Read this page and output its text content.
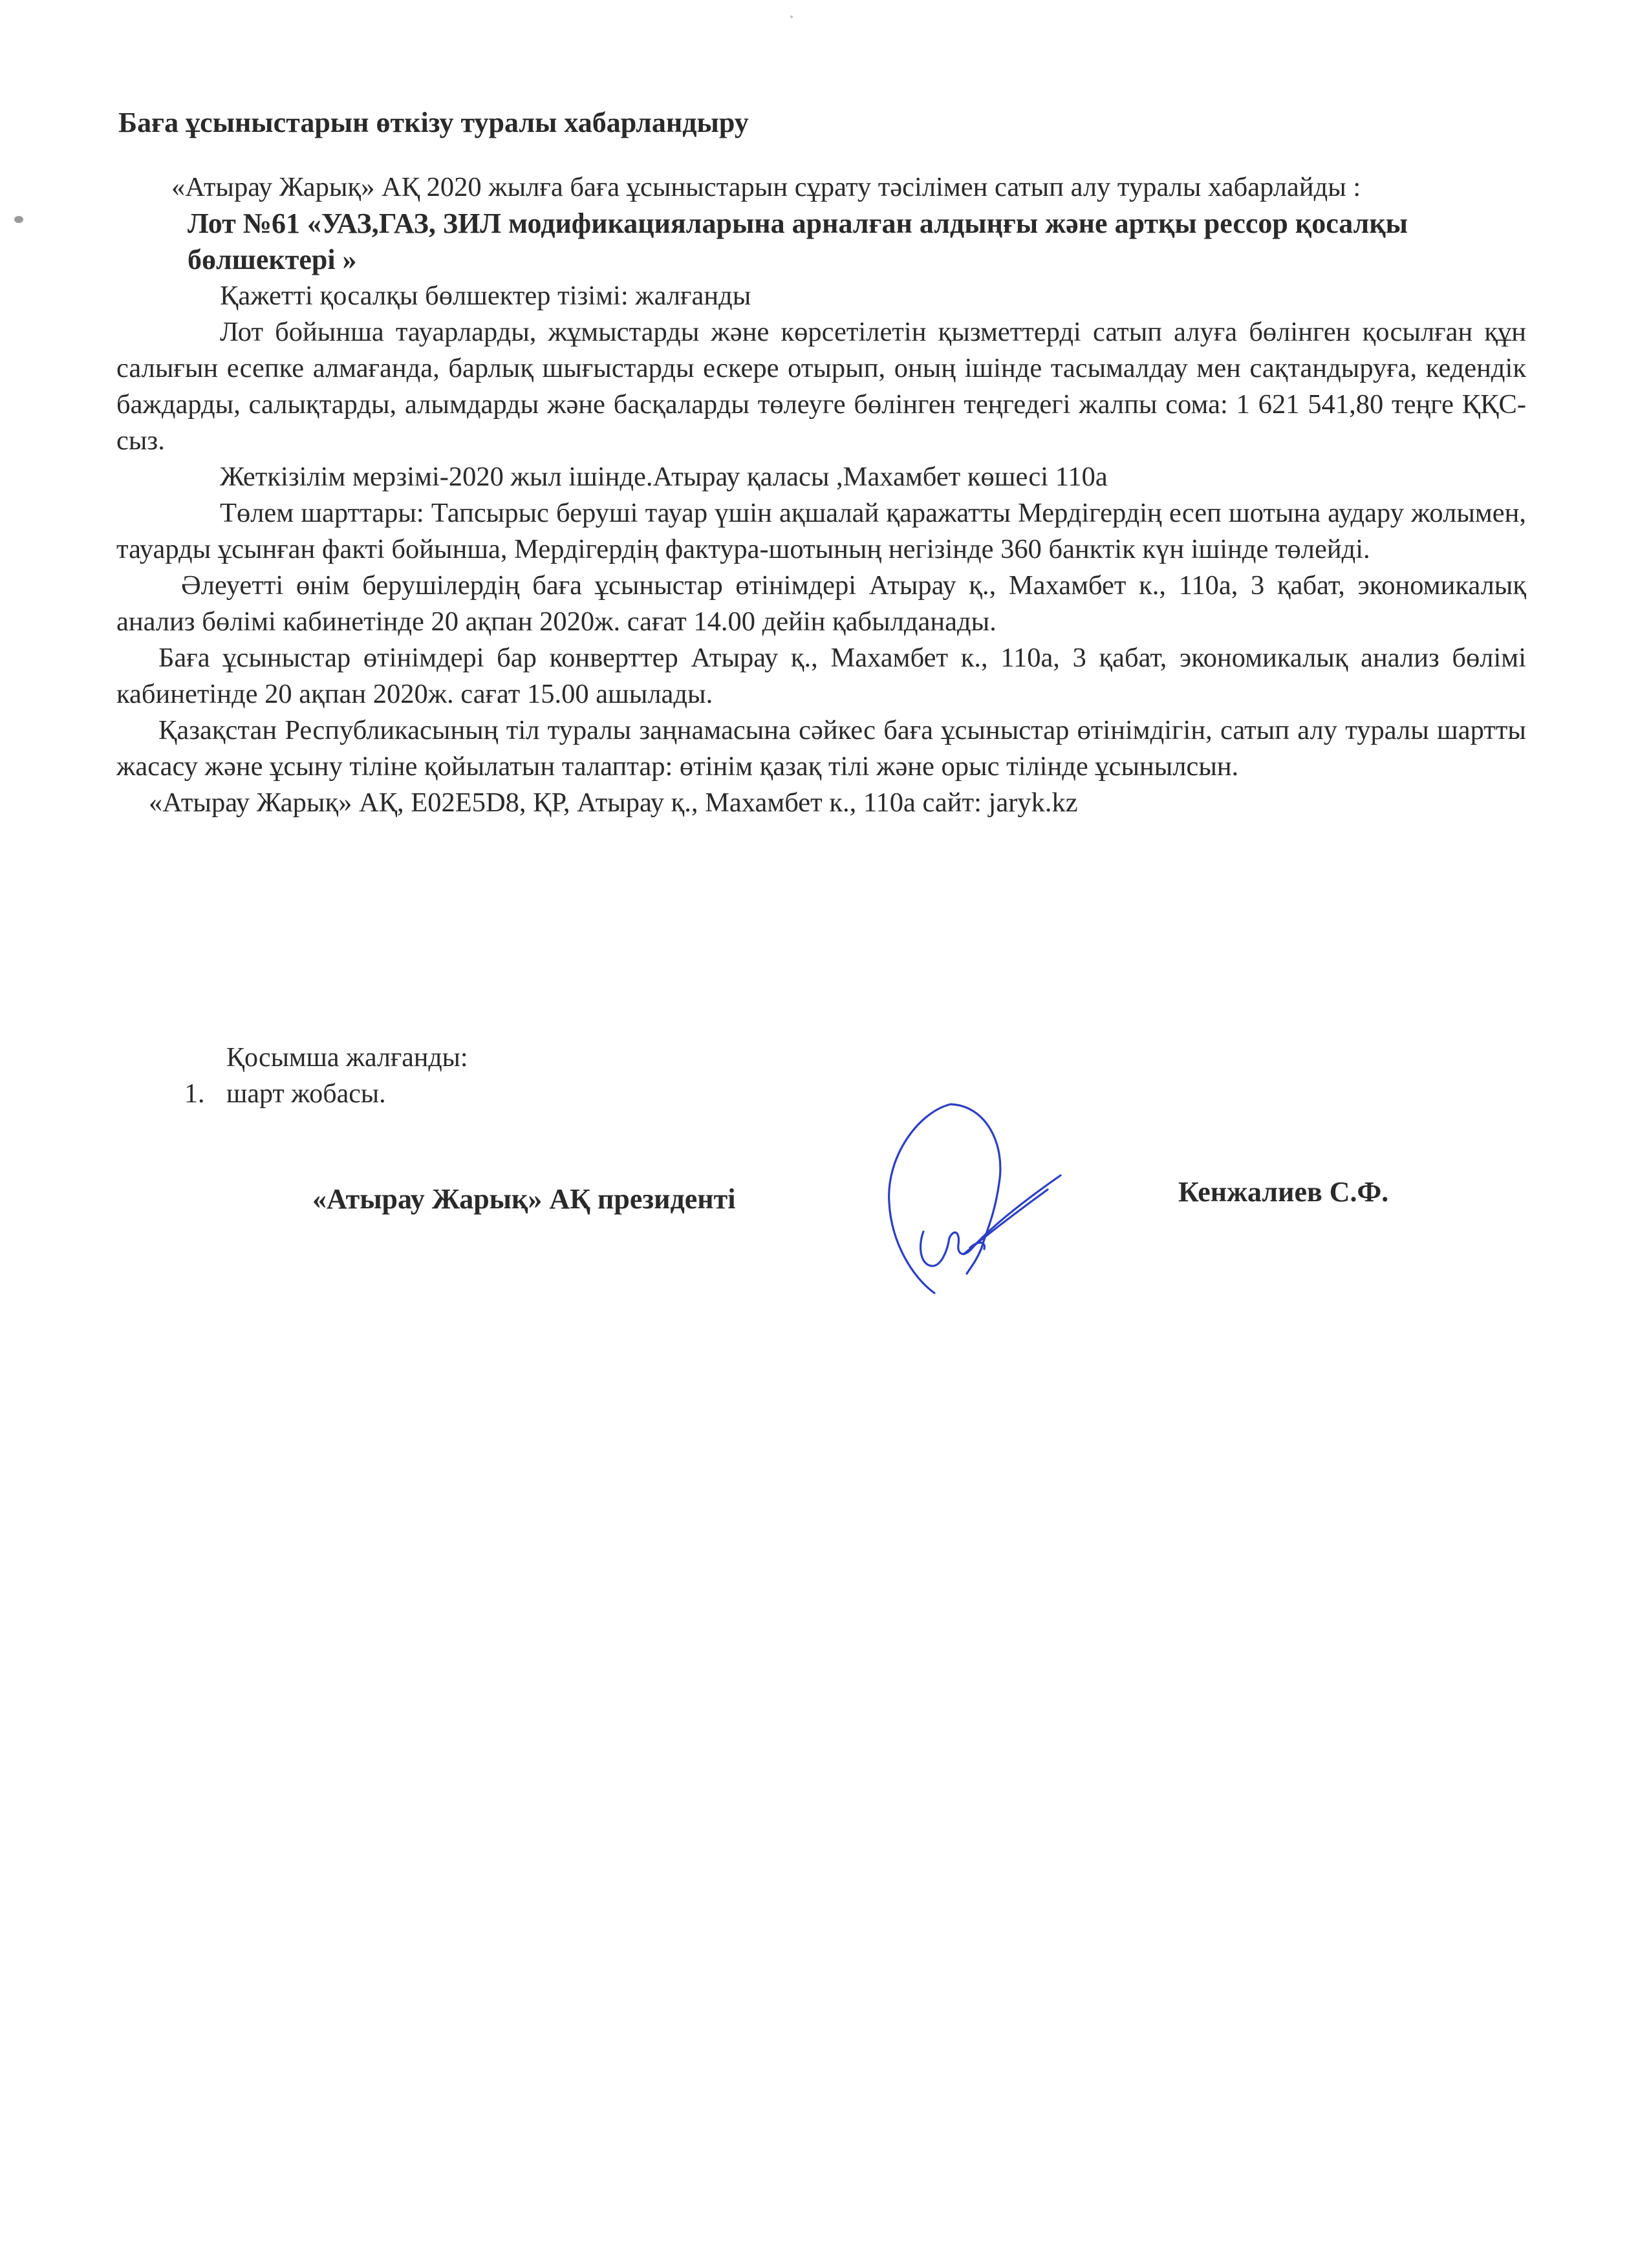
Баға ұсыныстарын өткізу туралы хабарландыру

«Атырау Жарық» АҚ 2020 жылға баға ұсыныстарын сұрату тәсілімен сатып алу туралы хабарлайды :

Лот №61 «УАЗ,ГАЗ, ЗИЛ модификацияларына арналған алдыңғы және артқы рессор қосалқы бөлшектері »

Қажетті қосалқы бөлшектер тізімі: жалғанды

Лот бойынша тауарларды, жұмыстарды және көрсетілетін қызметтерді сатып алуға бөлінген қосылған құн салығын есепке алмағанда, барлық шығыстарды ескере отырып, оның ішінде тасымалдау мен сақтандыруға, кедендік баждарды, салықтарды, алымдарды және басқаларды төлеуге бөлінген теңгедегі жалпы сома: 1 621 541,80 теңге ҚҚС-сыз.

Жеткізілім мерзімі-2020 жыл ішінде.Атырау қаласы ,Махамбет көшесі 110а

Төлем шарттары: Тапсырыс беруші тауар үшін ақшалай қаражатты Мердігердің есеп шотына аудару жолымен, тауарды ұсынған факті бойынша, Мердігердің фактура-шотының негізінде 360 банктік күн ішінде төлейді.

Әлеуетті өнім берушілердің баға ұсыныстар өтінімдері Атырау қ., Махамбет к., 110а, 3 қабат, экономикалық анализ бөлімі кабинетінде 20 ақпан 2020ж. сағат 14.00 дейін қабылданады.

Баға ұсыныстар өтінімдері бар конверттер Атырау қ., Махамбет к., 110а, 3 қабат, экономикалық анализ бөлімі кабинетінде 20 ақпан 2020ж. сағат 15.00 ашылады.

Қазақстан Республикасының тіл туралы заңнамасына сәйкес баға ұсыныстар өтінімдігін, сатып алу туралы шартты жасасу және ұсыну тіліне қойылатын талаптар: өтінім қазақ тілі және орыс тілінде ұсынылсын.

«Атырау Жарық» АҚ, Е02Е5D8, ҚР, Атырау қ., Махамбет к., 110а сайт: jaryk.kz

Қосымша жалғанды:
1. шарт жобасы.
«Атырау Жарық» АҚ президенті	Кенжалиев С.Ф.
